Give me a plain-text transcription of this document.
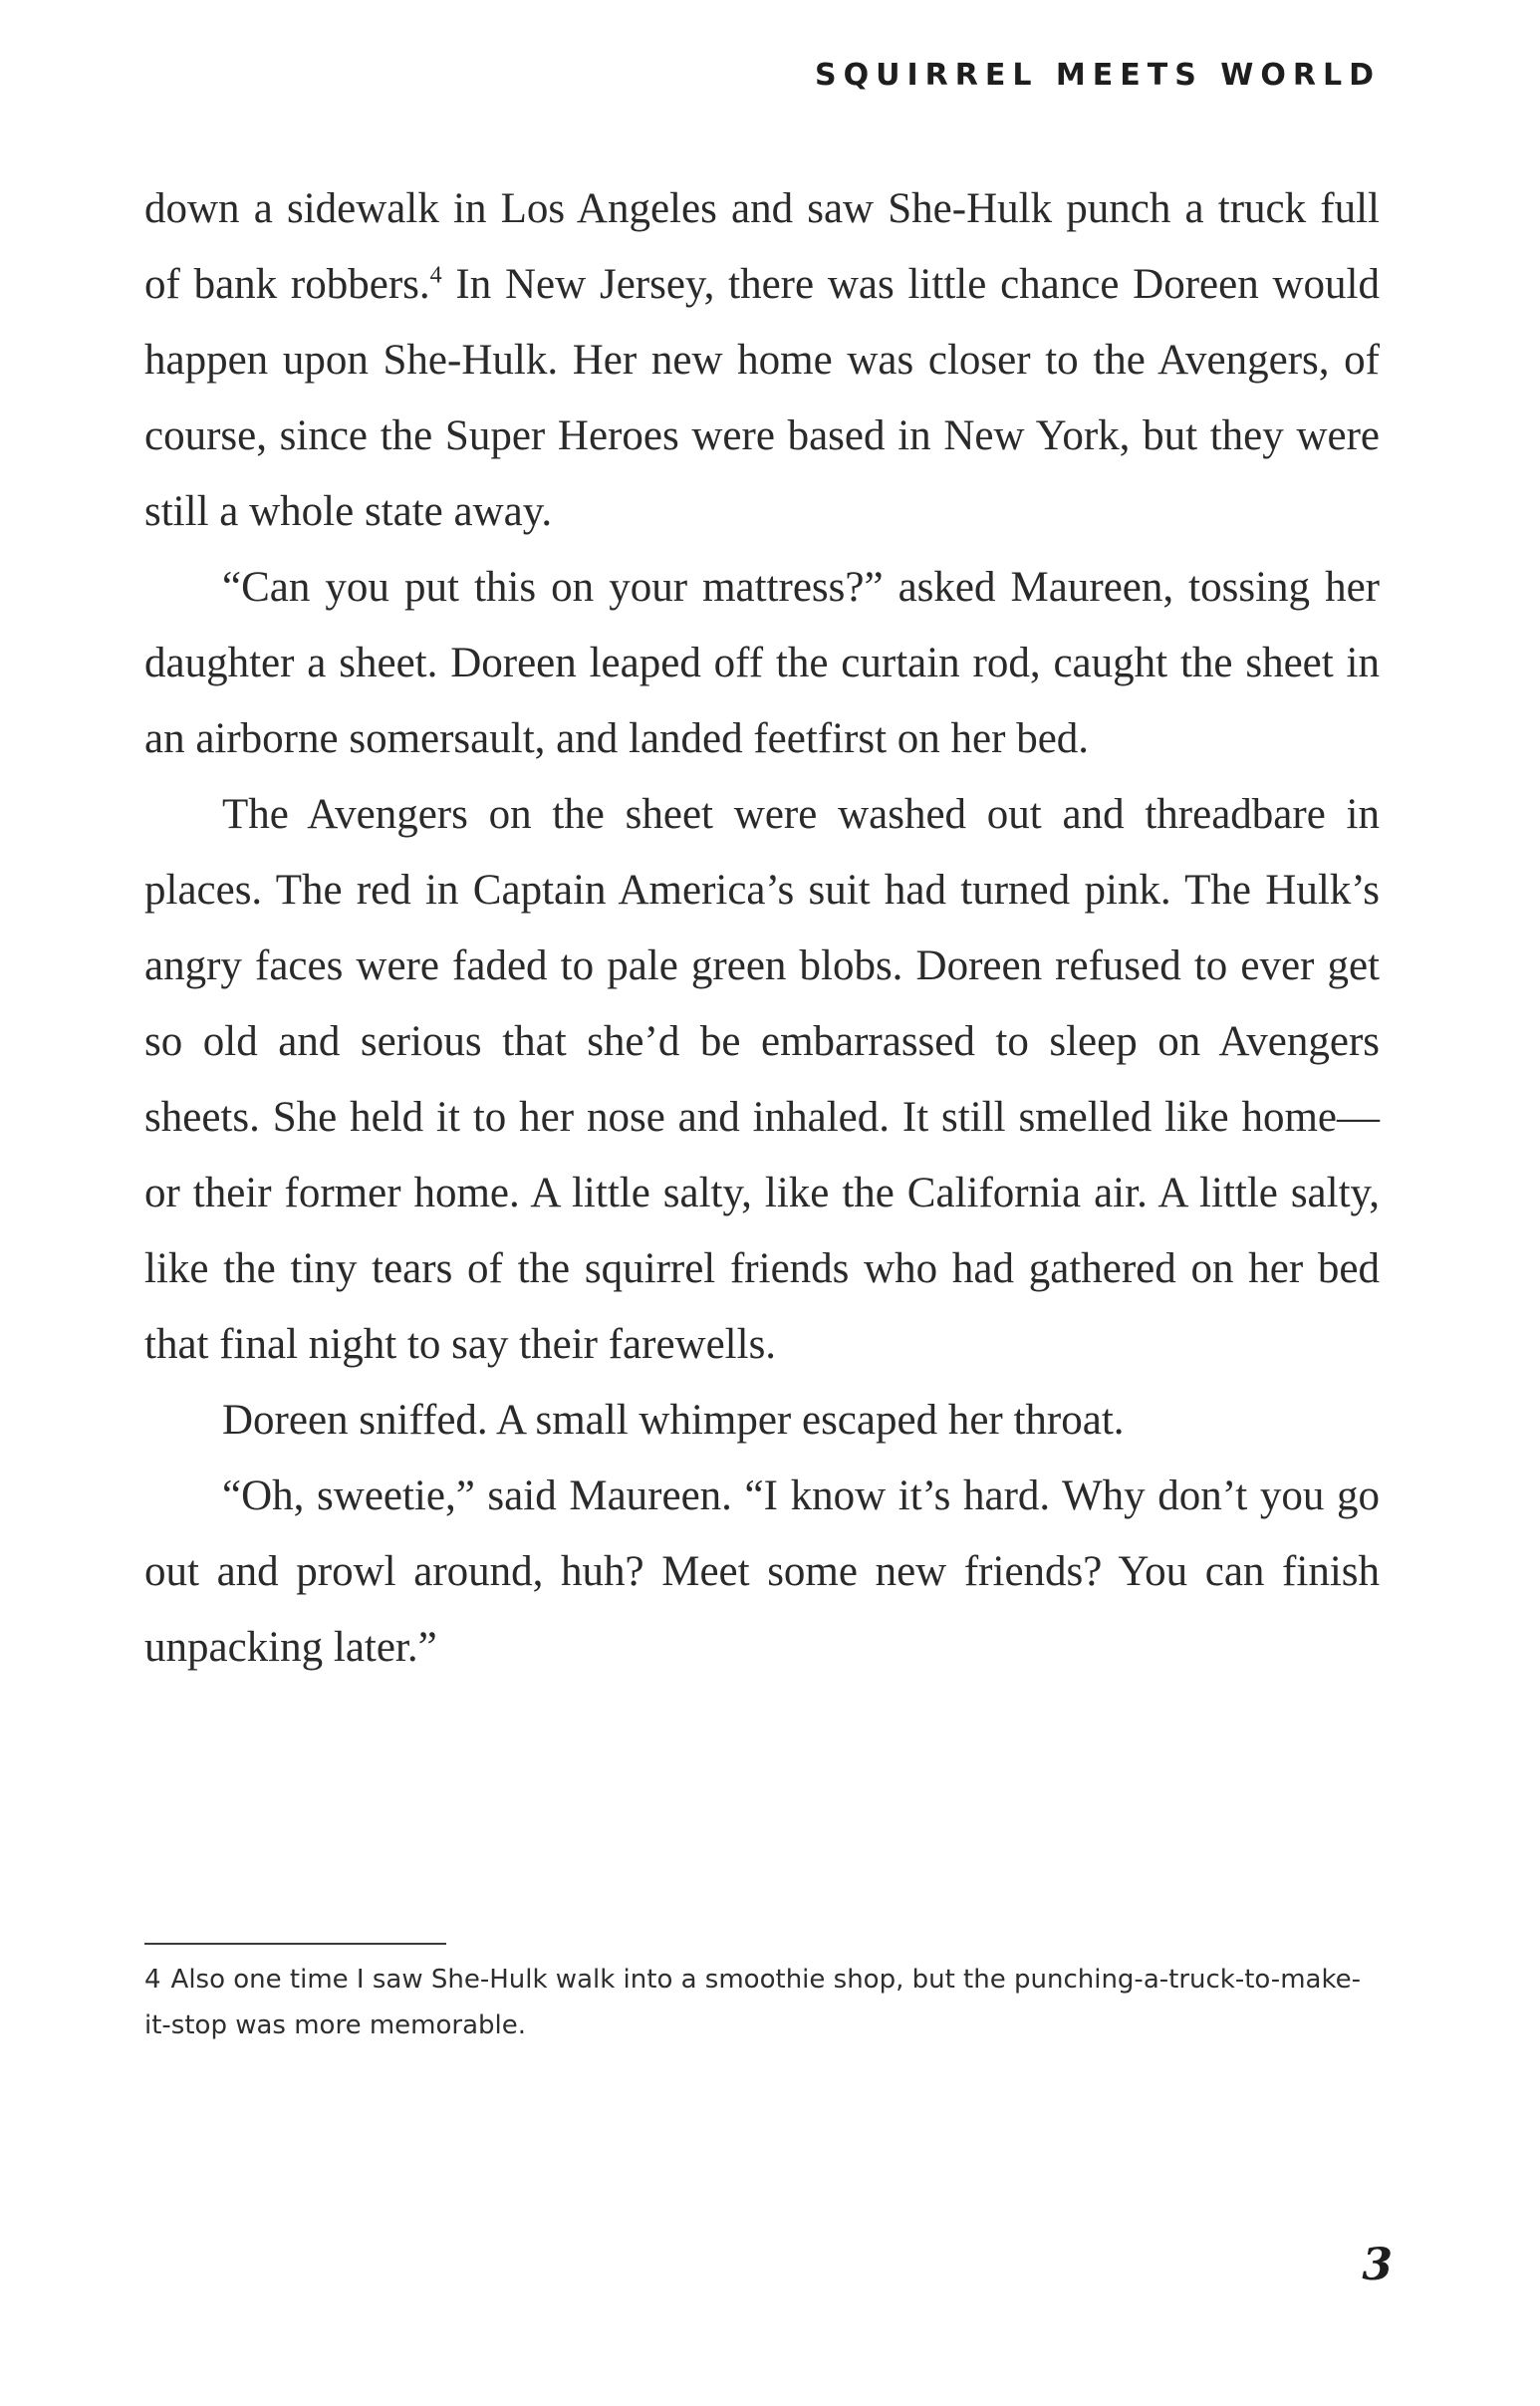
SQUIRREL MEETS WORLD

down a sidewalk in Los Angeles and saw She-Hulk punch a truck full of bank robbers.$^4$ In New Jersey, there was little chance Doreen would happen upon She-Hulk. Her new home was closer to the Avengers, of course, since the Super Heroes were based in New York, but they were still a whole state away.

“Can you put this on your mattress?” asked Maureen, tossing her daughter a sheet. Doreen leaped off the curtain rod, caught the sheet in an airborne somersault, and landed feetfirst on her bed.

The Avengers on the sheet were washed out and threadbare in places. The red in Captain America’s suit had turned pink. The Hulk’s angry faces were faded to pale green blobs. Doreen refused to ever get so old and serious that she’d be embarrassed to sleep on Avengers sheets. She held it to her nose and inhaled. It still smelled like home—or their former home. A little salty, like the California air. A little salty, like the tiny tears of the squirrel friends who had gathered on her bed that final night to say their farewells.

Doreen sniffed. A small whimper escaped her throat.

“Oh, sweetie,” said Maureen. “I know it’s hard. Why don’t you go out and prowl around, huh? Meet some new friends? You can finish unpacking later.”

4 Also one time I saw She-Hulk walk into a smoothie shop, but the punching-a-truck-to-make-it-stop was more memorable.

3
